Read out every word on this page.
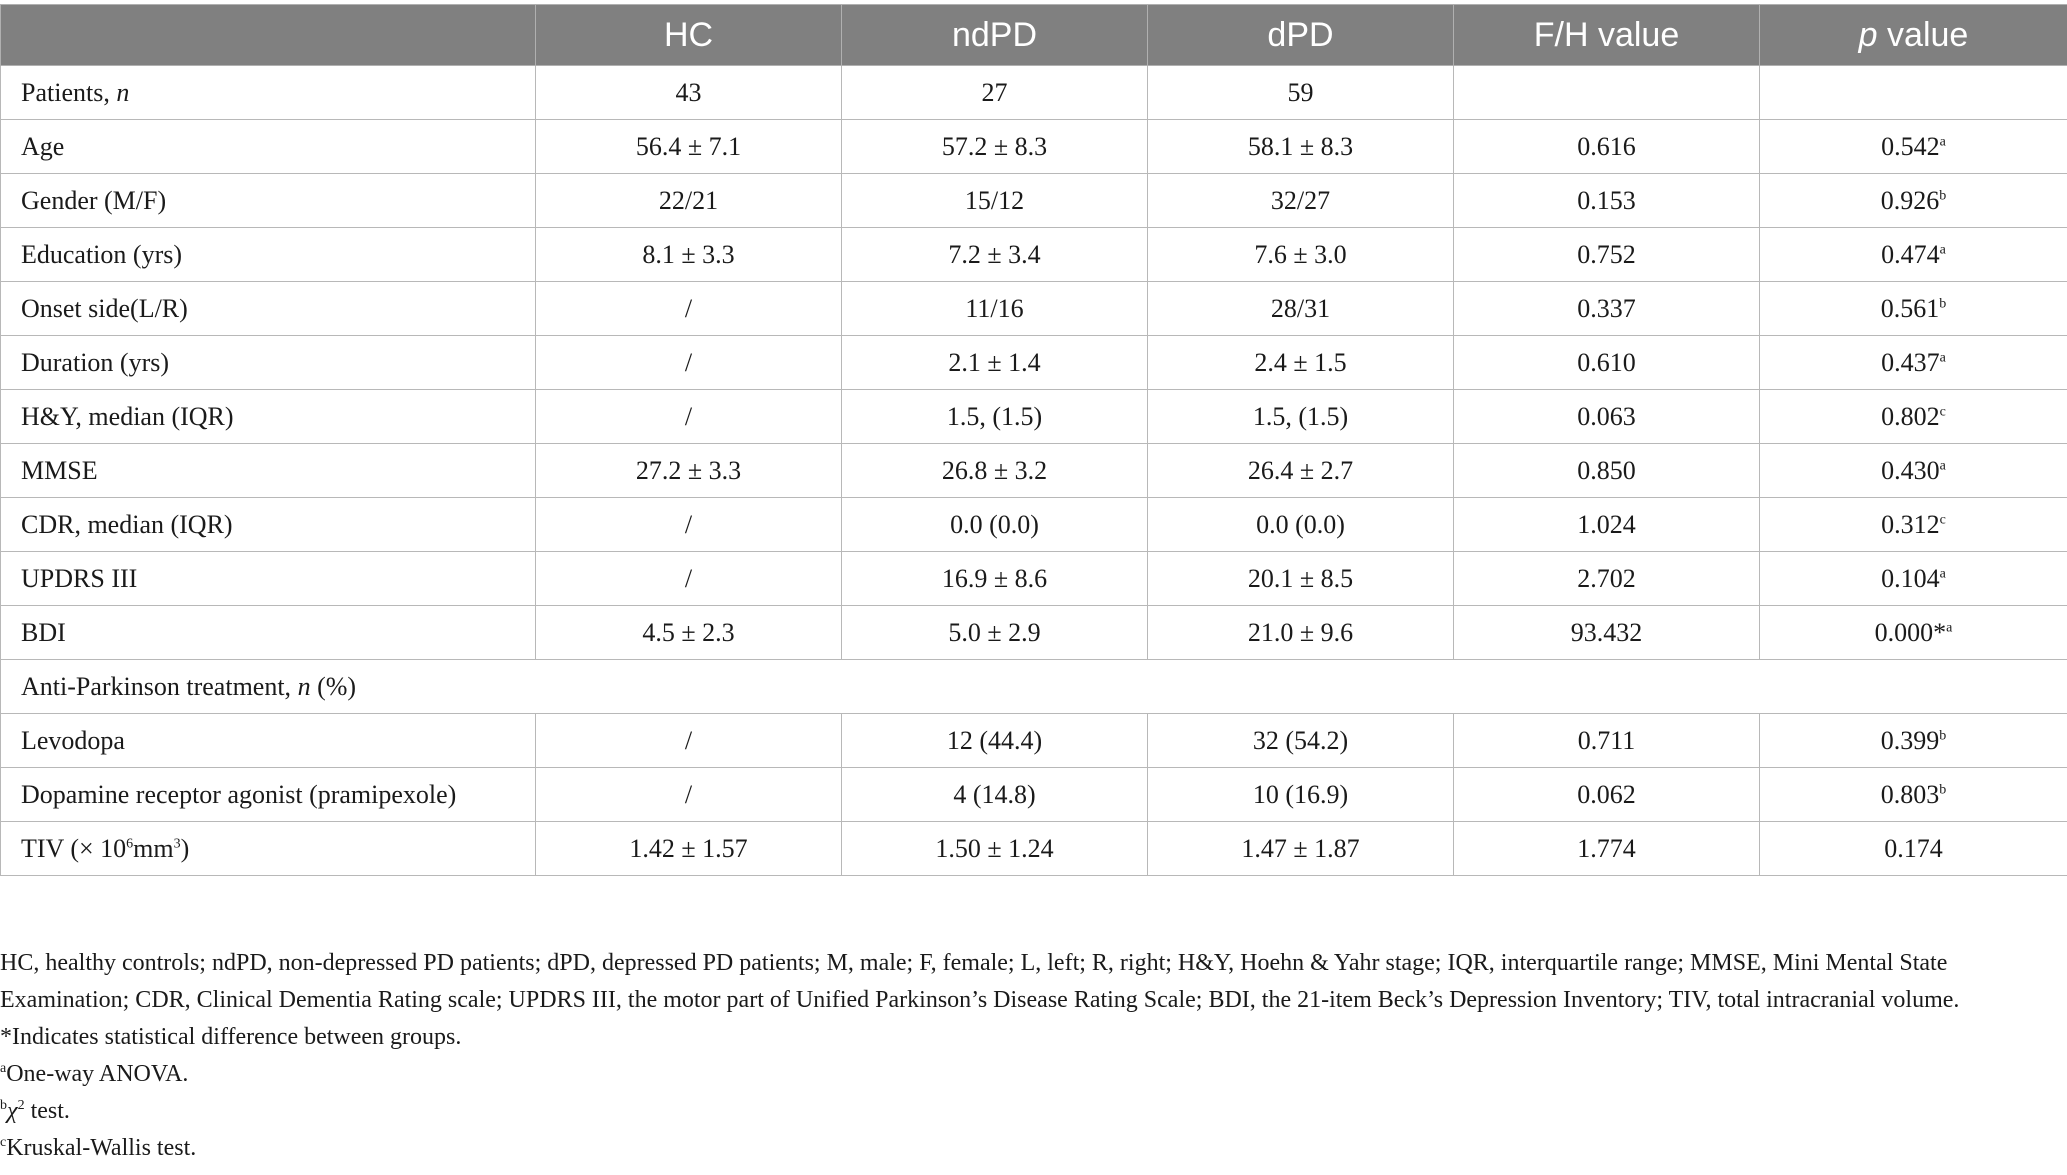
	HC	ndPD	dPD	F/H value	p value
Patients, n	43	27	59		
Age	56.4 ± 7.1	57.2 ± 8.3	58.1 ± 8.3	0.616	0.542$^a$
Gender (M/F)	22/21	15/12	32/27	0.153	0.926$^b$
Education (yrs)	8.1 ± 3.3	7.2 ± 3.4	7.6 ± 3.0	0.752	0.474$^a$
Onset side(L/R)	/	11/16	28/31	0.337	0.561$^b$
Duration (yrs)	/	2.1 ± 1.4	2.4 ± 1.5	0.610	0.437$^a$
H&Y, median (IQR)	/	1.5, (1.5)	1.5, (1.5)	0.063	0.802$^c$
MMSE	27.2 ± 3.3	26.8 ± 3.2	26.4 ± 2.7	0.850	0.430$^a$
CDR, median (IQR)	/	0.0 (0.0)	0.0 (0.0)	1.024	0.312$^c$
UPDRS III	/	16.9 ± 8.6	20.1 ± 8.5	2.702	0.104$^a$
BDI	4.5 ± 2.3	5.0 ± 2.9	21.0 ± 9.6	93.432	0.000*$^a$
Anti-Parkinson treatment, n (%)					
Levodopa	/	12 (44.4)	32 (54.2)	0.711	0.399$^b$
Dopamine receptor agonist (pramipexole)	/	4 (14.8)	10 (16.9)	0.062	0.803$^b$
TIV (× $10^6mm^3$)	1.42 ± 1.57	1.50 ± 1.24	1.47 ± 1.87	1.774	0.174

HC, healthy controls; ndPD, non-depressed PD patients; dPD, depressed PD patients; M, male; F, female; L, left; R, right; H&Y, Hoehn & Yahr stage; IQR, interquartile range; MMSE, Mini Mental State Examination; CDR, Clinical Dementia Rating scale; UPDRS III, the motor part of Unified Parkinson’s Disease Rating Scale; BDI, the 21-item Beck’s Depression Inventory; TIV, total intracranial volume. *Indicates statistical difference between groups.

$^a$One-way ANOVA.

$^b\chi^2$ test.

$^c$Kruskal-Wallis test.
